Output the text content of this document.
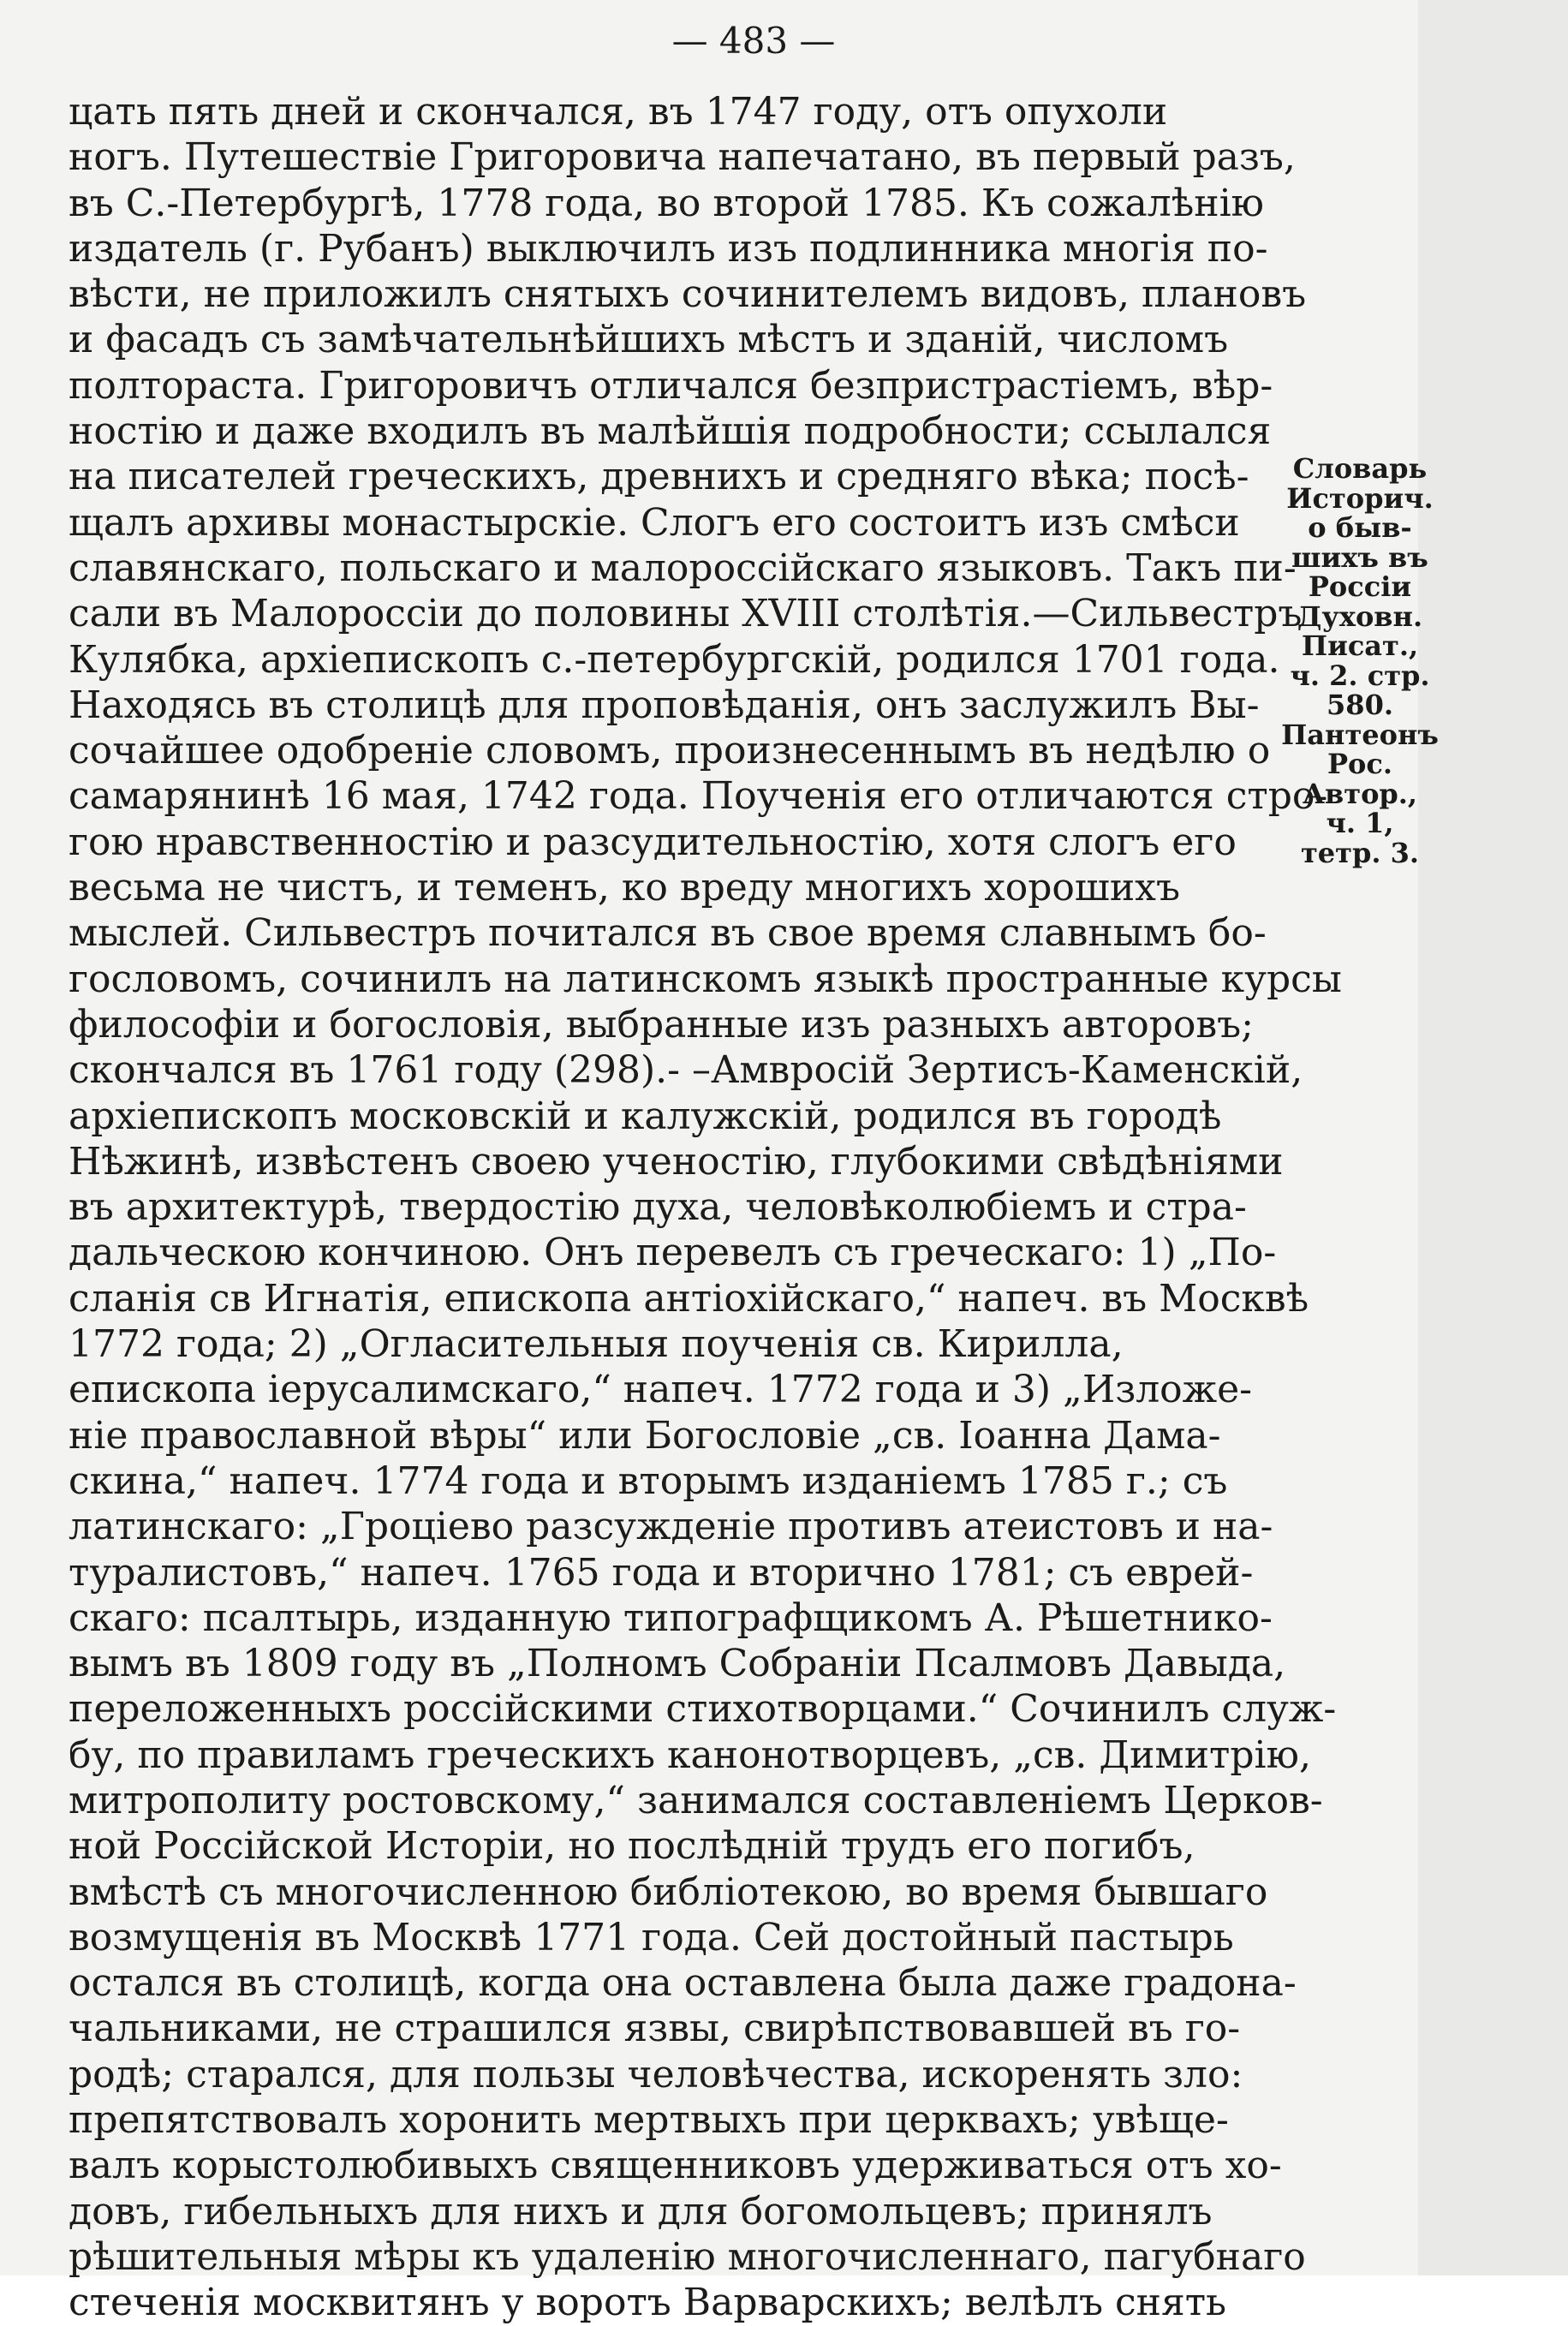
— 483 —
цать пять дней и скончался, въ 1747 году, отъ опухоли
ногъ. Путешествіе Григоровича напечатано, въ первый разъ,
въ С.-Петербургѣ, 1778 года, во второй 1785. Къ сожалѣнію
издатель (г. Рубанъ) выключилъ изъ подлинника многія по-
вѣсти, не приложилъ снятыхъ сочинителемъ видовъ, плановъ
и фасадъ съ замѣчательнѣйшихъ мѣстъ и зданій, числомъ
полтораста. Григоровичъ отличался безпристрастіемъ, вѣр-
ностію и даже входилъ въ малѣйшія подробности; ссылался
на писателей греческихъ, древнихъ и средняго вѣка; посѣ-
щалъ архивы монастырскіе. Слогъ его состоитъ изъ смѣси
славянскаго, польскаго и малороссійскаго языковъ. Такъ пи-
сали въ Малороссіи до половины XVIII столѣтія.—Сильвестръ
Кулябка, архіепископъ с.-петербургскій, родился 1701 года.
Находясь въ столицѣ для проповѣданія, онъ заслужилъ Вы-
сочайшее одобреніе словомъ, произнесеннымъ въ недѣлю о
самарянинѣ 16 мая, 1742 года. Поученія его отличаются стро-
гою нравственностію и разсудительностію, хотя слогъ его
весьма не чистъ, и теменъ, ко вреду многихъ хорошихъ
мыслей. Сильвестръ почитался въ свое время славнымъ бо-
гословомъ, сочинилъ на латинскомъ языкѣ пространные курсы
философіи и богословія, выбранные изъ разныхъ авторовъ;
скончался въ 1761 году (298).- –Амвросій Зертисъ-Каменскій,
архіепископъ московскій и калужскій, родился въ городѣ
Нѣжинѣ, извѣстенъ своею ученостію, глубокими свѣдѣніями
въ архитектурѣ, твердостію духа, человѣколюбіемъ и стра-
дальческою кончиною. Онъ перевелъ съ греческаго: 1) „По-
сланія св Игнатія, епископа антіохійскаго,“ напеч. въ Москвѣ
1772 года; 2) „Огласительныя поученія св. Кирилла,
епископа іерусалимскаго,“ напеч. 1772 года и 3) „Изложе-
ніе православной вѣры“ или Богословіе „св. Іоанна Дама-
скина,“ напеч. 1774 года и вторымъ изданіемъ 1785 г.; съ
латинскаго: „Гроціево разсужденіе противъ атеистовъ и на-
туралистовъ,“ напеч. 1765 года и вторично 1781; съ еврей-
скаго: псалтырь, изданную типографщикомъ А. Рѣшетнико-
вымъ въ 1809 году въ „Полномъ Собраніи Псалмовъ Давыда,
переложенныхъ россійскими стихотворцами.“ Сочинилъ служ-
бу, по правиламъ греческихъ канонотворцевъ, „св. Димитрію,
митрополиту ростовскому,“ занимался составленіемъ Церков-
ной Россійской Исторіи, но послѣдній трудъ его погибъ,
вмѣстѣ съ многочисленною библіотекою, во время бывшаго
возмущенія въ Москвѣ 1771 года. Сей достойный пастырь
остался въ столицѣ, когда она оставлена была даже градона-
чальниками, не страшился язвы, свирѣпствовавшей въ го-
родѣ; старался, для пользы человѣчества, искоренять зло:
препятствовалъ хоронить мертвыхъ при церквахъ; увѣще-
валъ корыстолюбивыхъ священниковъ удерживаться отъ хо-
довъ, гибельныхъ для нихъ и для богомольцевъ; принялъ
рѣшительныя мѣры къ удаленію многочисленнаго, пагубнаго
стеченія москвитянъ у воротъ Варварскихъ; велѣлъ снять
Словарь
Историч.
о быв-
шихъ въ
Россіи
Духовн.
Писат.,
ч. 2. стр.
580.
Пантеонъ
Рос.
Автор.,
ч. 1,
тетр. 3.
